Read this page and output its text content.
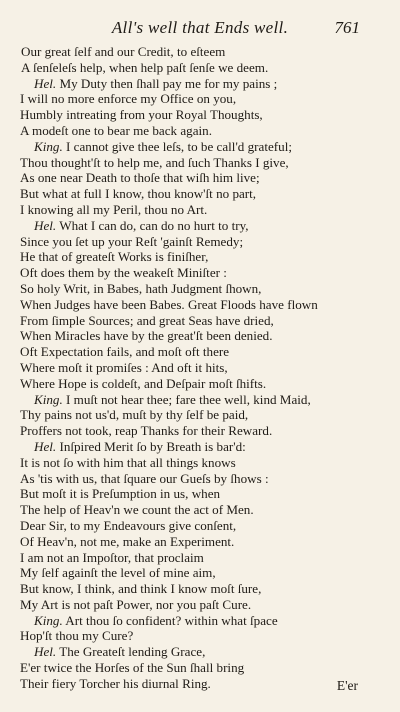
All's well that Ends well.	761
Our great ſelf and our Credit, to eſteem
A ſenſeleſs help, when help paſt ſenſe we deem.
Hel. My Duty then ſhall pay me for my pains ;
I will no more enforce my Office on you,
Humbly intreating from your Royal Thoughts,
A modeſt one to bear me back again.
King. I cannot give thee leſs, to be call'd grateful;
Thou thought'ſt to help me, and ſuch Thanks I give,
As one near Death to thoſe that wiſh him live;
But what at full I know, thou know'ſt no part,
I knowing all my Peril, thou no Art.
Hel. What I can do, can do no hurt to try,
Since you ſet up your Reſt 'gainſt Remedy;
He that of greateſt Works is finiſher,
Oft does them by the weakeſt Miniſter :
So holy Writ, in Babes, hath Judgment ſhown,
When Judges have been Babes. Great Floods have flown
From ſimple Sources; and great Seas have dried,
When Miracles have by the great'ſt been denied.
Oft Expectation fails, and moſt oft there
Where moſt it promiſes : And oft it hits,
Where Hope is coldeſt, and Deſpair moſt ſhifts.
King. I muſt not hear thee; fare thee well, kind Maid,
Thy pains not us'd, muſt by thy ſelf be paid,
Proffers not took, reap Thanks for their Reward.
Hel. Inſpired Merit ſo by Breath is bar'd:
It is not ſo with him that all things knows
As 'tis with us, that ſquare our Gueſs by ſhows :
But moſt it is Preſumption in us, when
The help of Heav'n we count the act of Men.
Dear Sir, to my Endeavours give conſent,
Of Heav'n, not me, make an Experiment.
I am not an Impoſtor, that proclaim
My ſelf againſt the level of mine aim,
But know, I think, and think I know moſt ſure,
My Art is not paſt Power, nor you paſt Cure.
King. Art thou ſo confident? within what ſpace
Hop'ſt thou my Cure?
Hel. The Greateſt lending Grace,
E'er twice the Horſes of the Sun ſhall bring
Their fiery Torcher his diurnal Ring.	E'er
